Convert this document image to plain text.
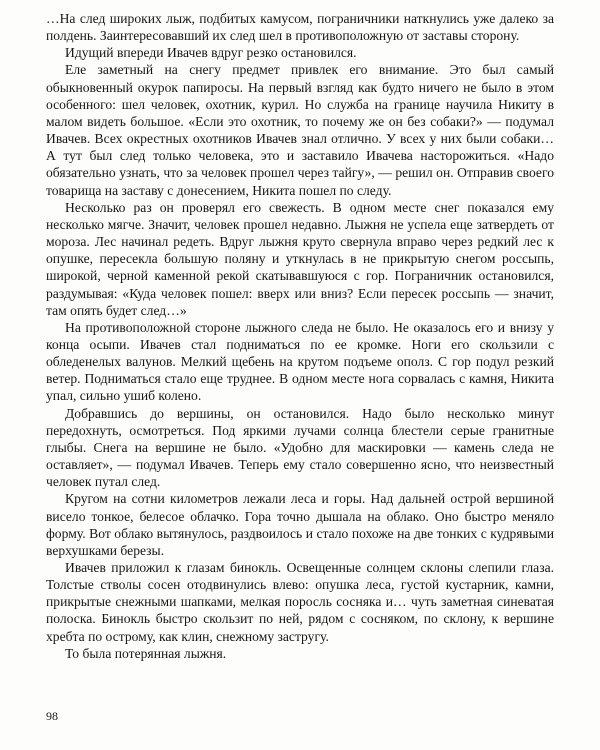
…На след широких лыж, подбитых камусом, пограничники наткнулись уже далеко за полдень. Заинтересовавший их след шел в противоположную от заставы сторону.

Идущий впереди Ивачев вдруг резко остановился.

Еле заметный на снегу предмет привлек его внимание. Это был самый обыкновенный окурок папиросы. На первый взгляд как будто ничего не было в этом особенного: шел человек, охотник, курил. Но служба на границе научила Никиту в малом видеть большое. «Если это охотник, то почему же он без собаки?» — подумал Ивачев. Всех окрестных охотников Ивачев знал отлично. У всех у них были собаки… А тут был след только человека, это и заставило Ивачева насторожиться. «Надо обязательно узнать, что за человек прошел через тайгу», — решил он. Отправив своего товарища на заставу с донесением, Никита пошел по следу.

Несколько раз он проверял его свежесть. В одном месте снег показался ему несколько мягче. Значит, человек прошел недавно. Лыжня не успела еще затвердеть от мороза. Лес начинал редеть. Вдруг лыжня круто свернула вправо через редкий лес к опушке, пересекла большую поляну и уткнулась в не прикрытую снегом россыпь, широкой, черной каменной рекой скатывавшуюся с гор. Пограничник остановился, раздумывая: «Куда человек пошел: вверх или вниз? Если пересек россыпь — значит, там опять будет след…»

На противоположной стороне лыжного следа не было. Не оказалось его и внизу у конца осыпи. Ивачев стал подниматься по ее кромке. Ноги его скользили с обледенелых валунов. Мелкий щебень на крутом подъеме ополз. С гор подул резкий ветер. Подниматься стало еще труднее. В одном месте нога сорвалась с камня, Никита упал, сильно ушиб колено.

Добравшись до вершины, он остановился. Надо было несколько минут передохнуть, осмотреться. Под яркими лучами солнца блестели серые гранитные глыбы. Снега на вершине не было. «Удобно для маскировки — камень следа не оставляет», — подумал Ивачев. Теперь ему стало совершенно ясно, что неизвестный человек путал след.

Кругом на сотни километров лежали леса и горы. Над дальней острой вершиной висело тонкое, белесое облачко. Гора точно дышала на облако. Оно быстро меняло форму. Вот облако вытянулось, раздвоилось и стало похоже на две тонких с кудрявыми верхушками березы.

Ивачев приложил к глазам бинокль. Освещенные солнцем склоны слепили глаза. Толстые стволы сосен отодвинулись влево: опушка леса, густой кустарник, камни, прикрытые снежными шапками, мелкая поросль сосняка и… чуть заметная синеватая полоска. Бинокль быстро скользит по ней, рядом с сосняком, по склону, к вершине хребта по острому, как клин, снежному застругу.

То была потерянная лыжня.

98
